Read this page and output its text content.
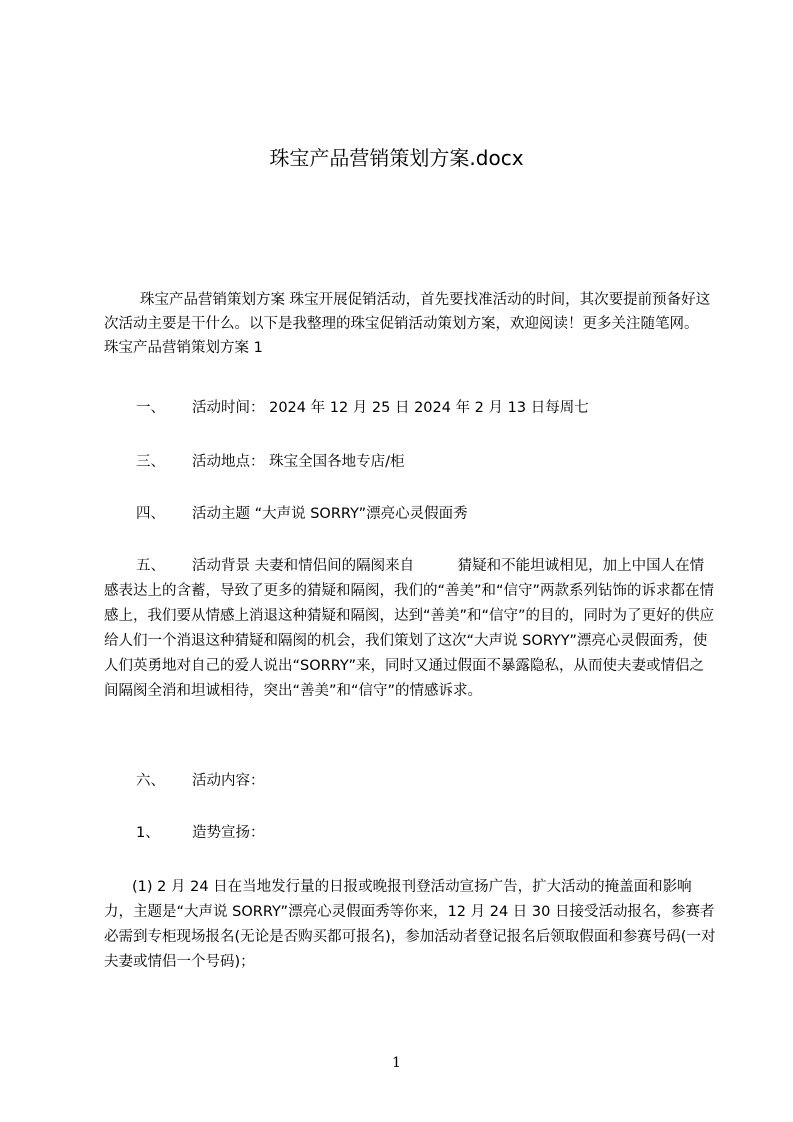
珠宝产品营销策划方案.docx

珠宝产品营销策划方案 珠宝开展促销活动，首先要找准活动的时间，其次要提前预备好这次活动主要是干什么。以下是我整理的珠宝促销活动策划方案，欢迎阅读！更多关注随笔网。 珠宝产品营销策划方案 1

一、 活动时间： 2024 年 12 月 25 日 2024 年 2 月 13 日每周七

三、 活动地点： 珠宝全国各地专店/柜

四、 活动主题 “大声说 SORRY”漂亮心灵假面秀

五、 活动背景 夫妻和情侣间的隔阂来自　　　猜疑和不能坦诚相见，加上中国人在情感表达上的含蓄，导致了更多的猜疑和隔阂，我们的“善美”和“信守”两款系列钻饰的诉求都在情感上，我们要从情感上消退这种猜疑和隔阂，达到“善美”和“信守”的目的，同时为了更好的供应给人们一个消退这种猜疑和隔阂的机会，我们策划了这次“大声说 SORYY”漂亮心灵假面秀，使人们英勇地对自己的爱人说出“SORRY”来，同时又通过假面不暴露隐私，从而使夫妻或情侣之间隔阂全消和坦诚相待，突出“善美”和“信守”的情感诉求。

六、 活动内容：

1、 造势宣扬：

(1) 2 月 24 日在当地发行量的日报或晚报刊登活动宣扬广告，扩大活动的掩盖面和影响力，主题是“大声说 SORRY”漂亮心灵假面秀等你来，12 月 24 日 30 日接受活动报名，参赛者必需到专柜现场报名(无论是否购买都可报名)，参加活动者登记报名后领取假面和参赛号码(一对夫妻或情侣一个号码)；

1
